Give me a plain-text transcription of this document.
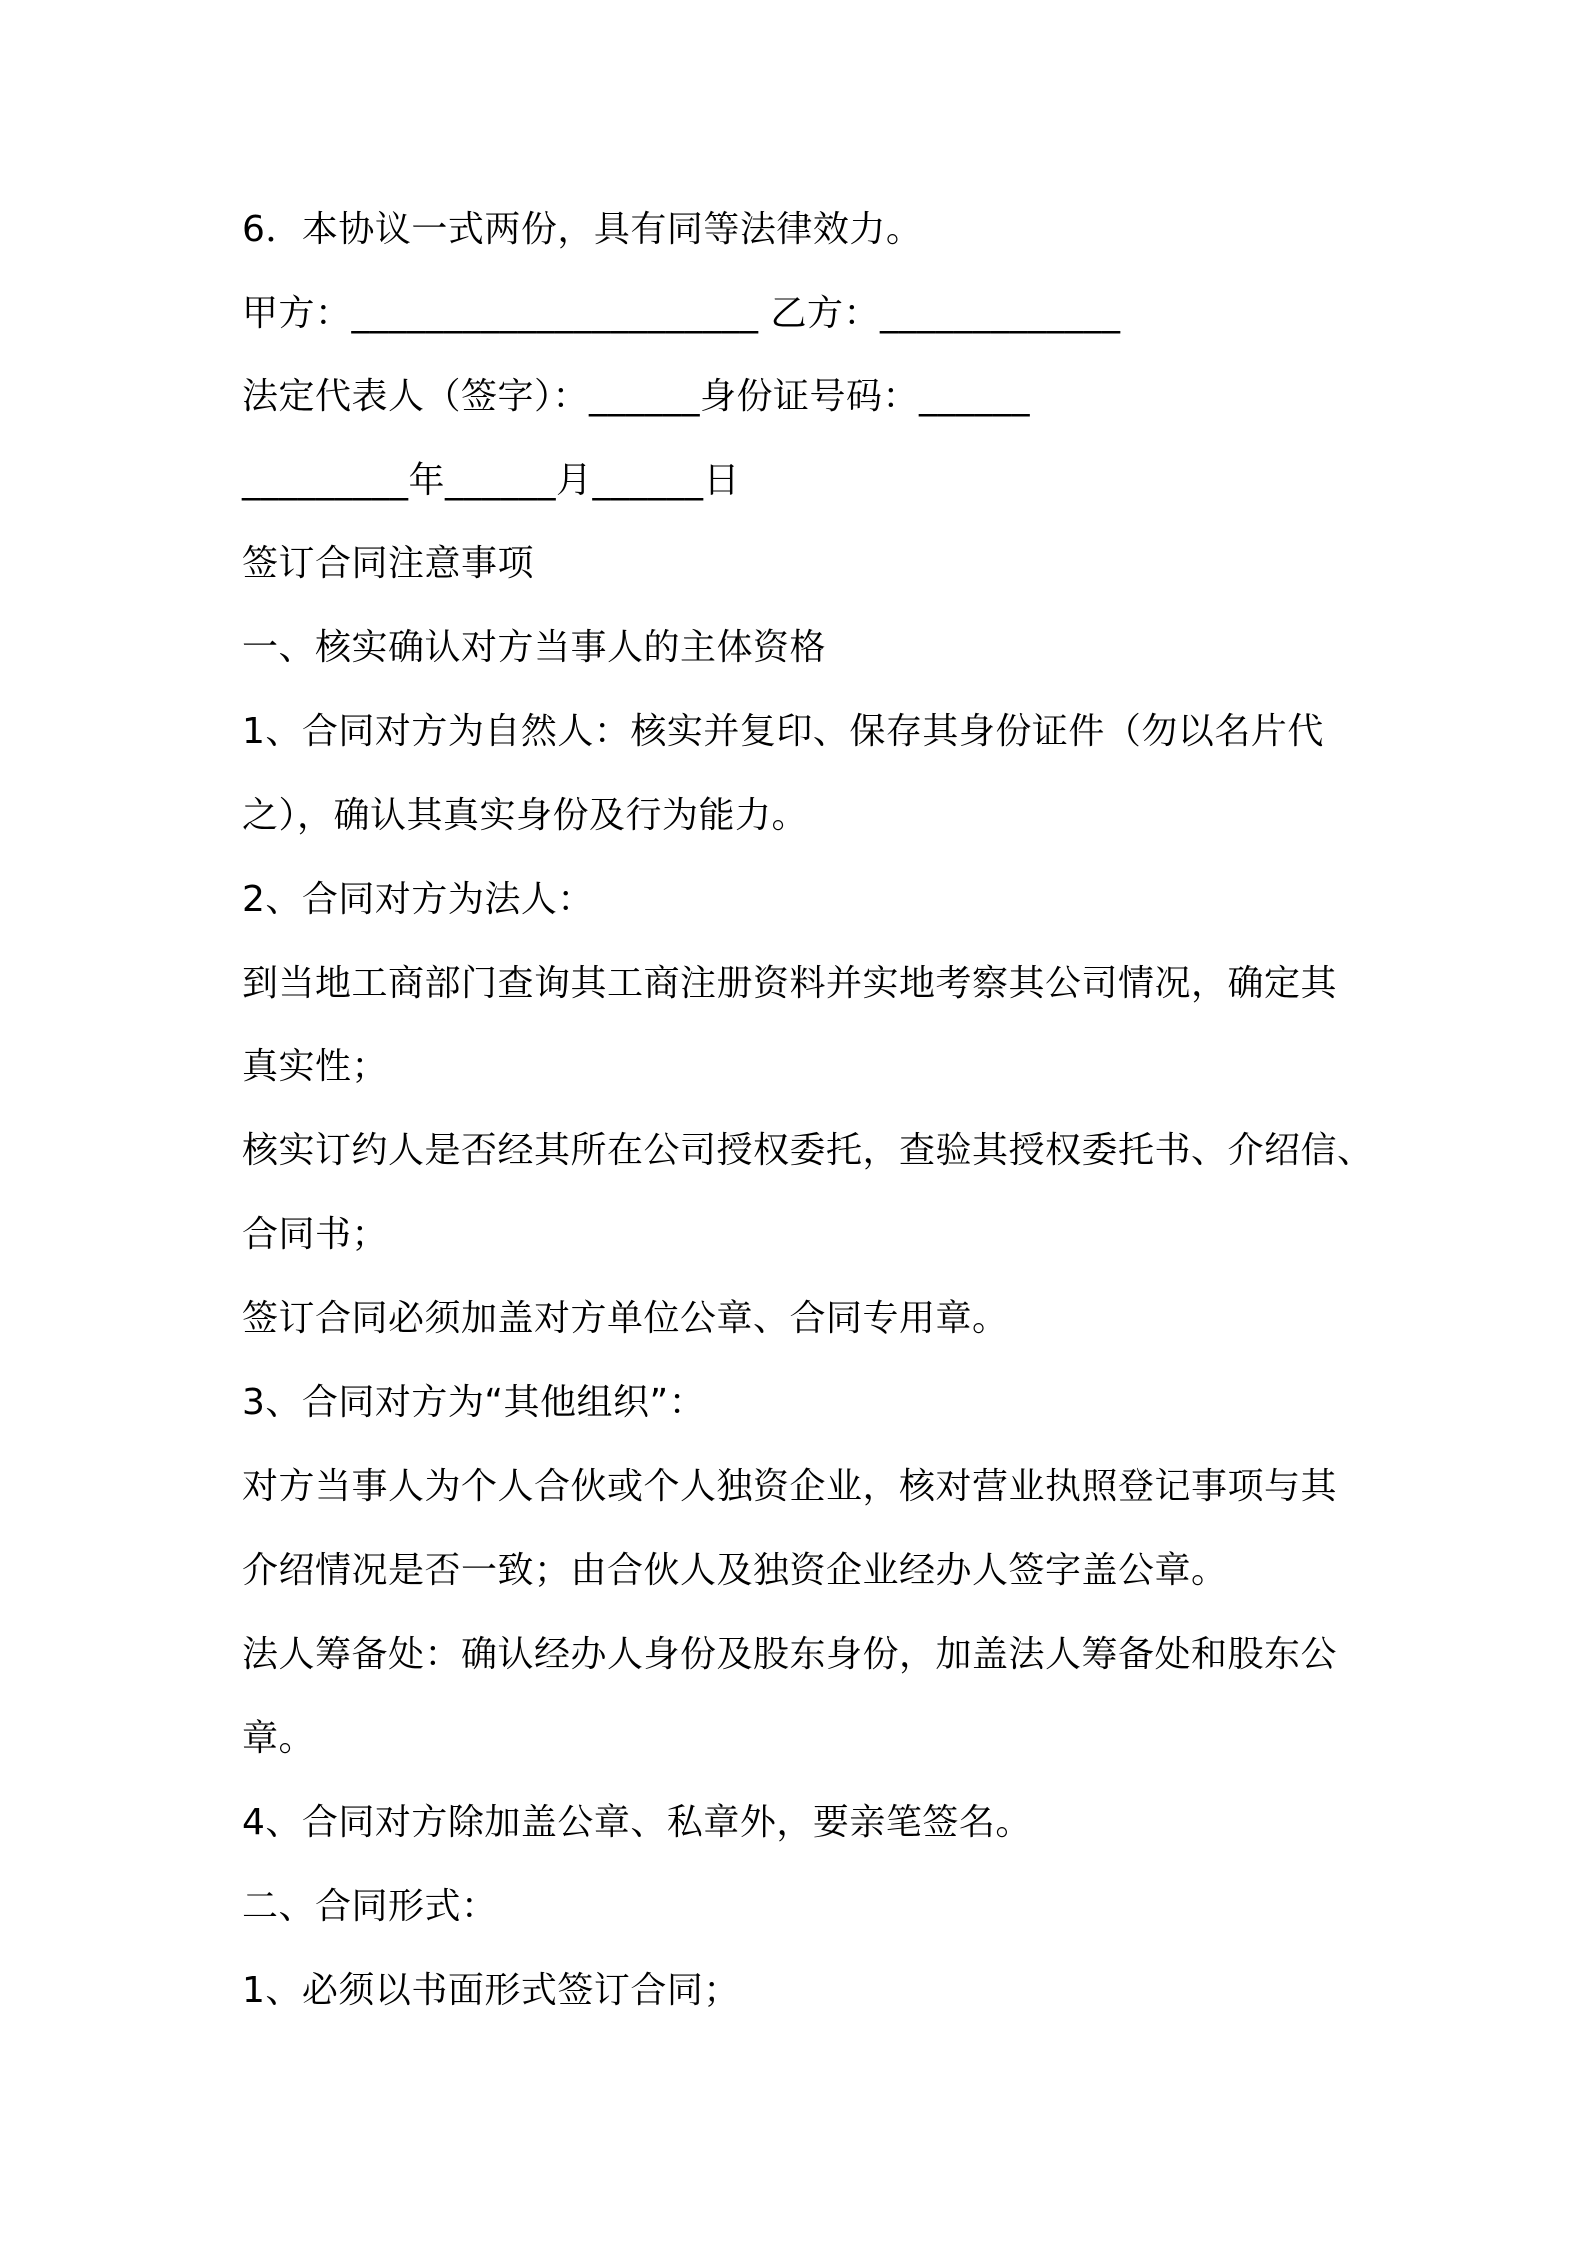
6．本协议一式两份，具有同等法律效力。
甲方：______________________ 乙方：_____________
法定代表人（签字）：______身份证号码：______
_________年______月______日
签订合同注意事项
一、核实确认对方当事人的主体资格
1、合同对方为自然人：核实并复印、保存其身份证件（勿以名片代
之），确认其真实身份及行为能力。
2、合同对方为法人：
到当地工商部门查询其工商注册资料并实地考察其公司情况，确定其
真实性；
核实订约人是否经其所在公司授权委托，查验其授权委托书、介绍信、
合同书；
签订合同必须加盖对方单位公章、合同专用章。
3、合同对方为“其他组织”：
对方当事人为个人合伙或个人独资企业，核对营业执照登记事项与其
介绍情况是否一致；由合伙人及独资企业经办人签字盖公章。
法人筹备处：确认经办人身份及股东身份，加盖法人筹备处和股东公
章。
4、合同对方除加盖公章、私章外，要亲笔签名。
二、合同形式：
1、必须以书面形式签订合同；
